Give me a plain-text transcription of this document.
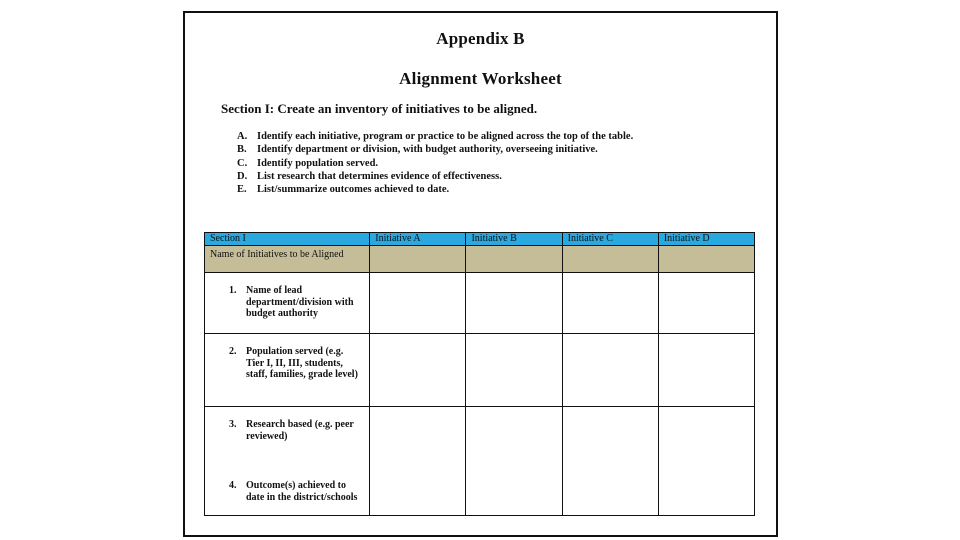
Appendix B
Alignment Worksheet
Section I: Create an inventory of initiatives to be aligned.
A. Identify each initiative, program or practice to be aligned across the top of the table.
B. Identify department or division, with budget authority, overseeing initiative.
C. Identify population served.
D. List research that determines evidence of effectiveness.
E. List/summarize outcomes achieved to date.
Section I	Initiative A	Initiative B	Initiative C	Initiative D
Name of Initiatives to be Aligned				

1. Name of lead department/division with budget authority				

2. Population served (e.g. Tier I, II, III, students, staff, families, grade level)				

3. Research based (e.g. peer reviewed)
4. Outcome(s) achieved to date in the district/schools				
